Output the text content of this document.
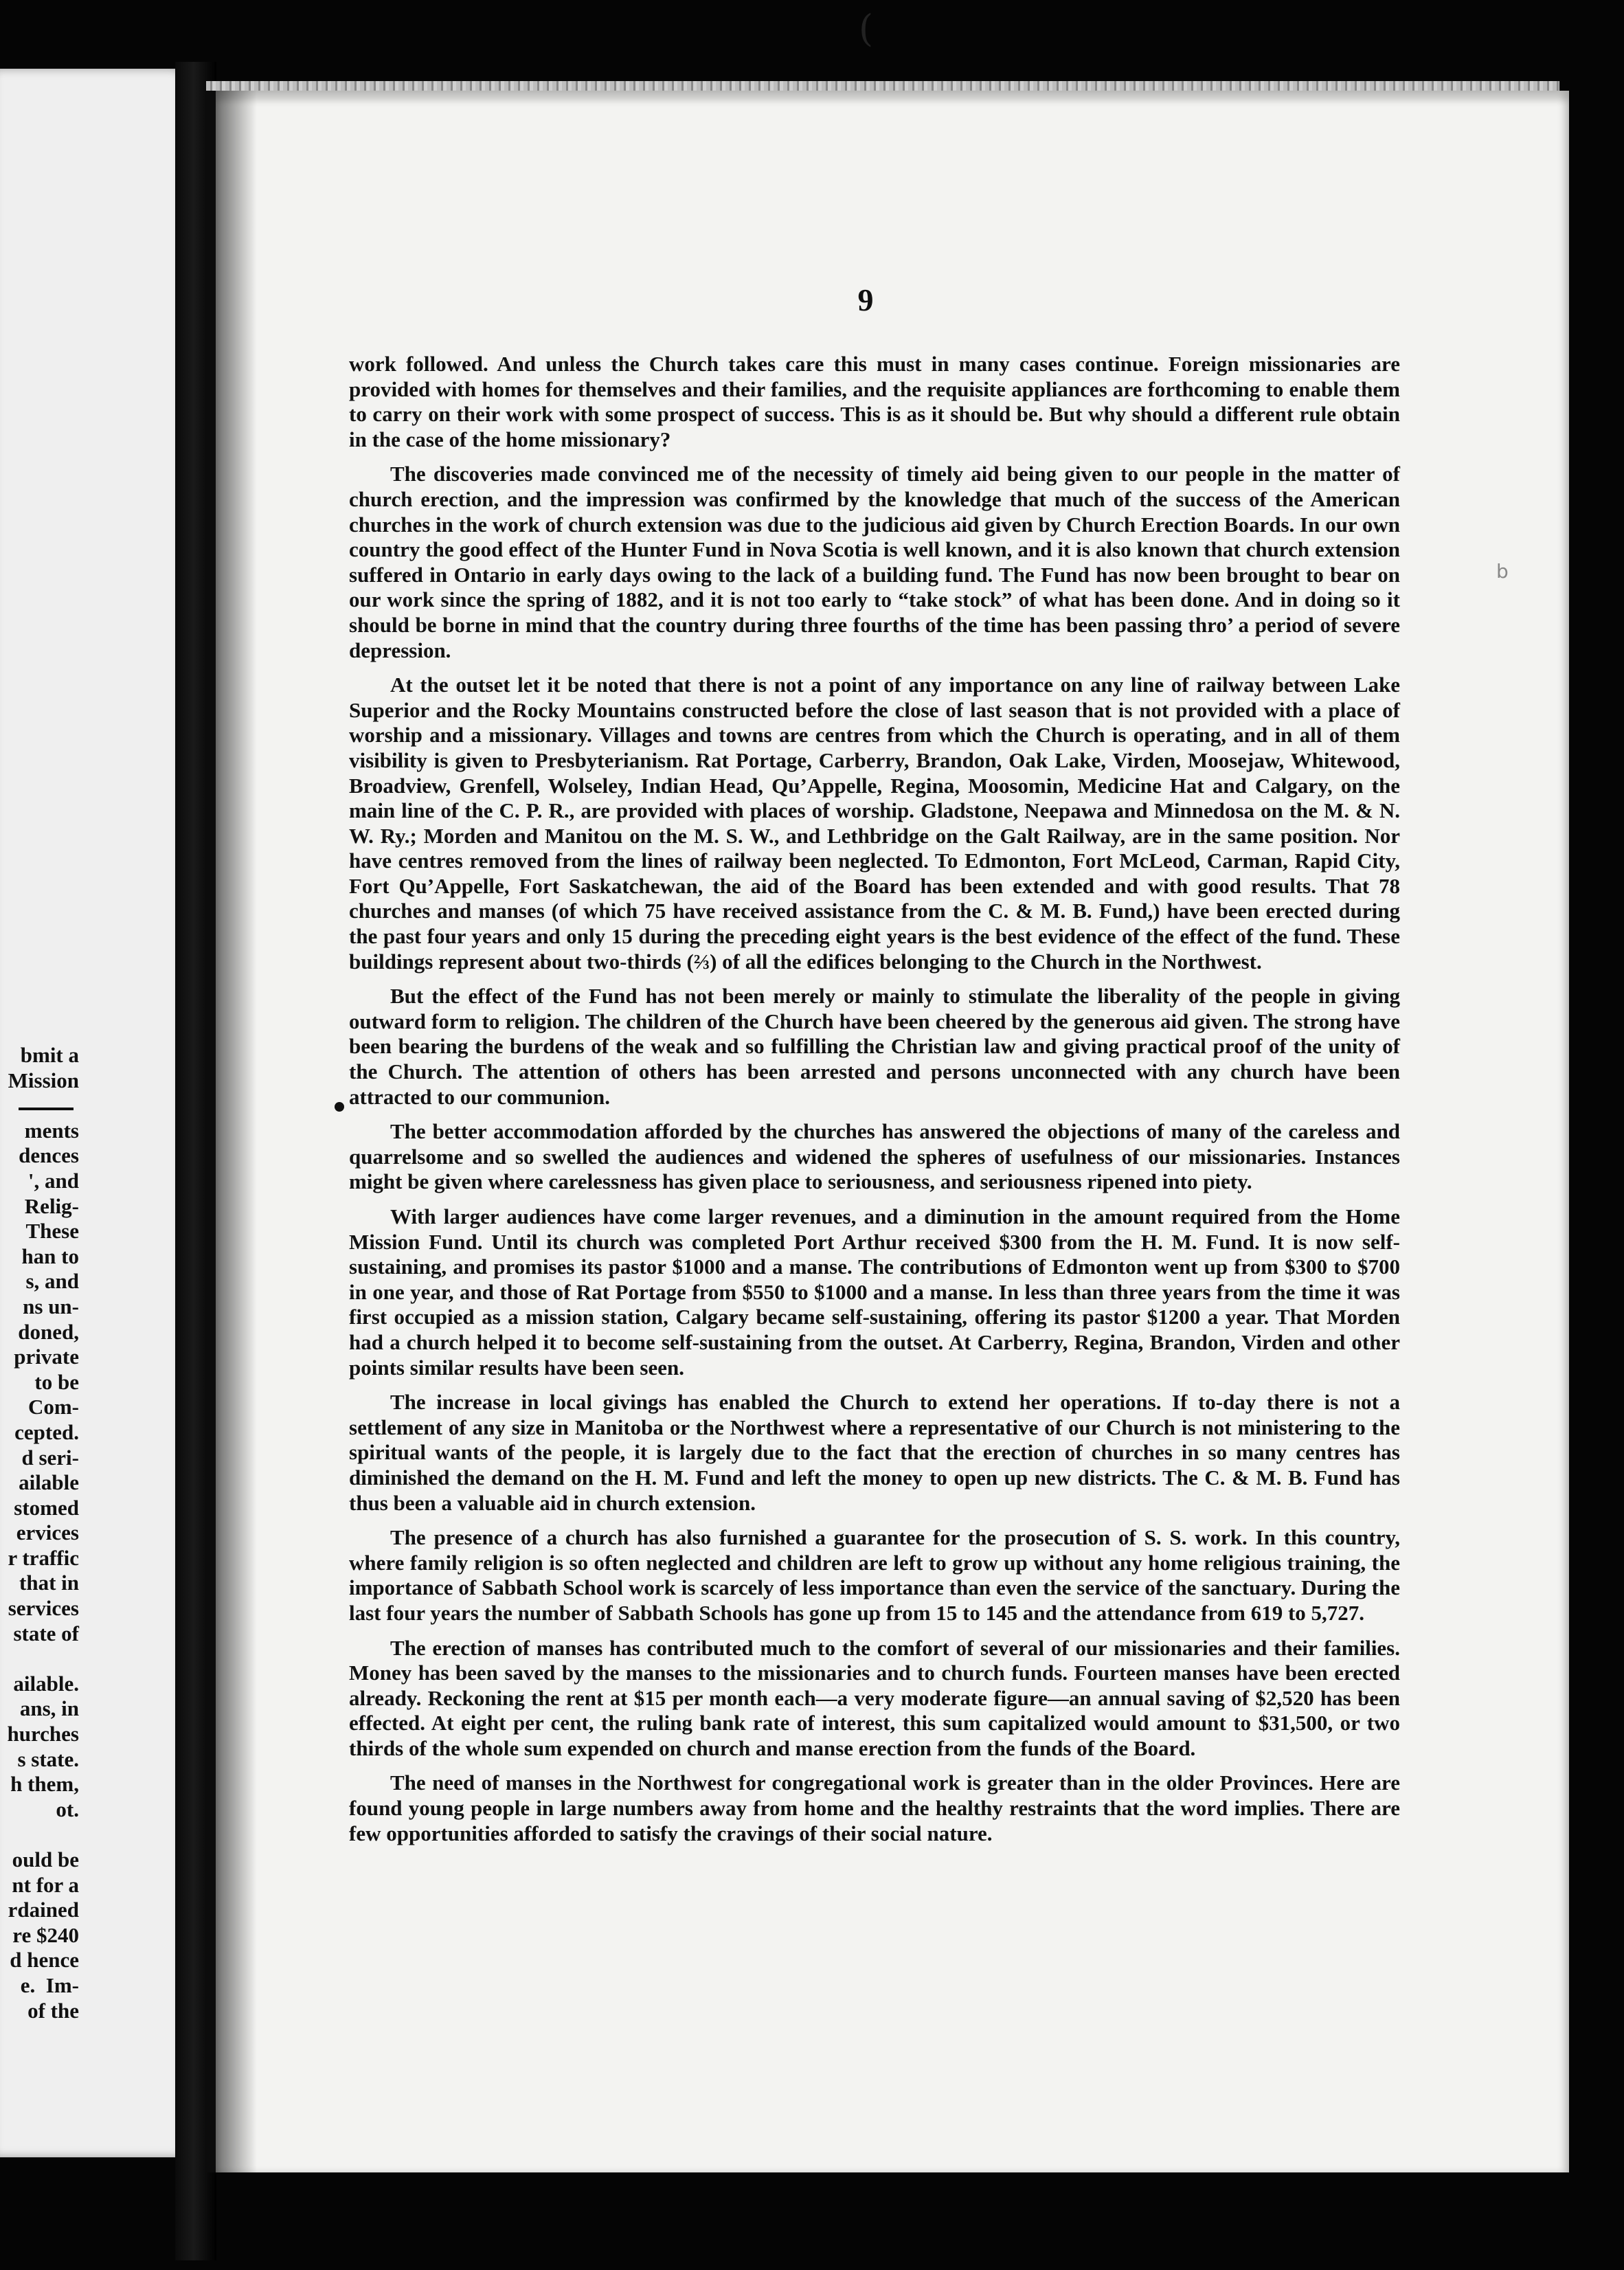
bmit a
Mission

ments
dences
', and
Relig-
These
han to
s, and
ns un-
doned,
private
to be
Com-
cepted.
d seri-
ailable
stomed
ervices
r traffic
that in
services
state of

ailable.
ans, in
hurches
s state.
h them,
ot.

ould be
nt for a
rdained
re $240
d hence
e.  Im-
of the
(
b
9

work followed. And unless the Church takes care this must in many cases continue. Foreign missionaries are provided with homes for themselves and their families, and the requisite appliances are forthcoming to enable them to carry on their work with some prospect of success. This is as it should be. But why should a different rule obtain in the case of the home missionary?

The discoveries made convinced me of the necessity of timely aid being given to our people in the matter of church erection, and the impression was confirmed by the knowledge that much of the success of the American churches in the work of church extension was due to the judicious aid given by Church Erection Boards. In our own country the good effect of the Hunter Fund in Nova Scotia is well known, and it is also known that church extension suffered in Ontario in early days owing to the lack of a building fund. The Fund has now been brought to bear on our work since the spring of 1882, and it is not too early to “take stock” of what has been done. And in doing so it should be borne in mind that the country during three fourths of the time has been passing thro’ a period of severe depression.

At the outset let it be noted that there is not a point of any importance on any line of railway between Lake Superior and the Rocky Mountains constructed before the close of last season that is not provided with a place of worship and a missionary. Villages and towns are centres from which the Church is operating, and in all of them visibility is given to Presbyterianism. Rat Portage, Carberry, Brandon, Oak Lake, Virden, Moosejaw, Whitewood, Broadview, Grenfell, Wolseley, Indian Head, Qu’Appelle, Regina, Moosomin, Medicine Hat and Calgary, on the main line of the C. P. R., are provided with places of worship. Gladstone, Neepawa and Minnedosa on the M. & N. W. Ry.; Morden and Manitou on the M. S. W., and Lethbridge on the Galt Railway, are in the same position. Nor have centres removed from the lines of railway been neglected. To Edmonton, Fort McLeod, Carman, Rapid City, Fort Qu’Appelle, Fort Saskatchewan, the aid of the Board has been extended and with good results. That 78 churches and manses (of which 75 have received assistance from the C. & M. B. Fund,) have been erected during the past four years and only 15 during the preceding eight years is the best evidence of the effect of the fund. These buildings represent about two-thirds (⅔) of all the edifices belonging to the Church in the Northwest.

But the effect of the Fund has not been merely or mainly to stimulate the liberality of the people in giving outward form to religion. The children of the Church have been cheered by the generous aid given. The strong have been bearing the burdens of the weak and so fulfilling the Christian law and giving practical proof of the unity of the Church. The attention of others has been arrested and persons unconnected with any church have been attracted to our communion.

The better accommodation afforded by the churches has answered the objections of many of the careless and quarrelsome and so swelled the audiences and widened the spheres of usefulness of our missionaries. Instances might be given where carelessness has given place to seriousness, and seriousness ripened into piety.

With larger audiences have come larger revenues, and a diminution in the amount required from the Home Mission Fund. Until its church was completed Port Arthur received $300 from the H. M. Fund. It is now self-sustaining, and promises its pastor $1000 and a manse. The contributions of Edmonton went up from $300 to $700 in one year, and those of Rat Portage from $550 to $1000 and a manse. In less than three years from the time it was first occupied as a mission station, Calgary became self-sustaining, offering its pastor $1200 a year. That Morden had a church helped it to become self-sustaining from the outset. At Carberry, Regina, Brandon, Virden and other points similar results have been seen.

The increase in local givings has enabled the Church to extend her operations. If to-day there is not a settlement of any size in Manitoba or the Northwest where a representative of our Church is not ministering to the spiritual wants of the people, it is largely due to the fact that the erection of churches in so many centres has diminished the demand on the H. M. Fund and left the money to open up new districts. The C. & M. B. Fund has thus been a valuable aid in church extension.

The presence of a church has also furnished a guarantee for the prosecution of S. S. work. In this country, where family religion is so often neglected and children are left to grow up without any home religious training, the importance of Sabbath School work is scarcely of less importance than even the service of the sanctuary. During the last four years the number of Sabbath Schools has gone up from 15 to 145 and the attendance from 619 to 5,727.

The erection of manses has contributed much to the comfort of several of our missionaries and their families. Money has been saved by the manses to the missionaries and to church funds. Fourteen manses have been erected already. Reckoning the rent at $15 per month each—a very moderate figure—an annual saving of $2,520 has been effected. At eight per cent, the ruling bank rate of interest, this sum capitalized would amount to $31,500, or two thirds of the whole sum expended on church and manse erection from the funds of the Board.

The need of manses in the Northwest for congregational work is greater than in the older Provinces. Here are found young people in large numbers away from home and the healthy restraints that the word implies. There are few opportunities afforded to satisfy the cravings of their social nature.
